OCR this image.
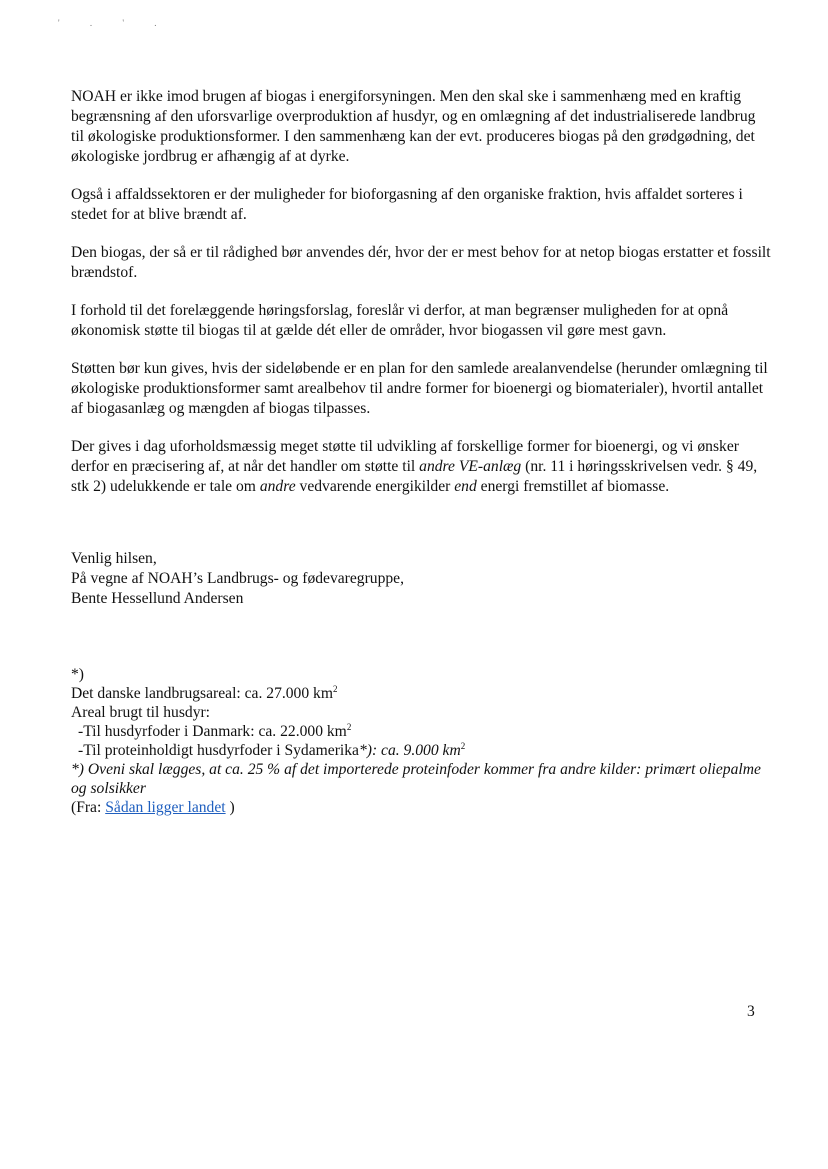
' . ' .

NOAH er ikke imod brugen af biogas i energiforsyningen. Men den skal ske i sammenhæng med en kraftig begrænsning af den uforsvarlige overproduktion af husdyr, og en omlægning af det industrialiserede landbrug til økologiske produktionsformer. I den sammenhæng kan der evt. produceres biogas på den grødgødning, det økologiske jordbrug er afhængig af at dyrke.

Også i affaldssektoren er der muligheder for bioforgasning af den organiske fraktion, hvis affaldet sorteres i stedet for at blive brændt af.

Den biogas, der så er til rådighed bør anvendes dér, hvor der er mest behov for at netop biogas erstatter et fossilt brændstof.

I forhold til det forelæggende høringsforslag, foreslår vi derfor, at man begrænser muligheden for at opnå økonomisk støtte til biogas til at gælde dét eller de områder, hvor biogassen vil gøre mest gavn.

Støtten bør kun gives, hvis der sideløbende er en plan for den samlede arealanvendelse (herunder omlægning til økologiske produktionsformer samt arealbehov til andre former for bioenergi og biomaterialer), hvortil antallet af biogasanlæg og mængden af biogas tilpasses.

Der gives i dag uforholdsmæssig meget støtte til udvikling af forskellige former for bioenergi, og vi ønsker derfor en præcisering af, at når det handler om støtte til andre VE-anlæg (nr. 11 i høringsskrivelsen vedr. § 49, stk 2) udelukkende er tale om andre vedvarende energikilder end energi fremstillet af biomasse.

Venlig hilsen,
På vegne af NOAH’s Landbrugs- og fødevaregruppe,
Bente Hessellund Andersen
*)
Det danske landbrugsareal: ca. 27.000 $km^2$
Areal brugt til husdyr:
-Til husdyrfoder i Danmark: ca. 22.000 $km^2$
-Til proteinholdigt husdyrfoder i Sydamerika*): ca. 9.000 $km^2$
*) Oveni skal lægges, at ca. 25 % af det importerede proteinfoder kommer fra andre kilder: primært oliepalme og solsikker
(Fra: Sådan ligger landet )
3
